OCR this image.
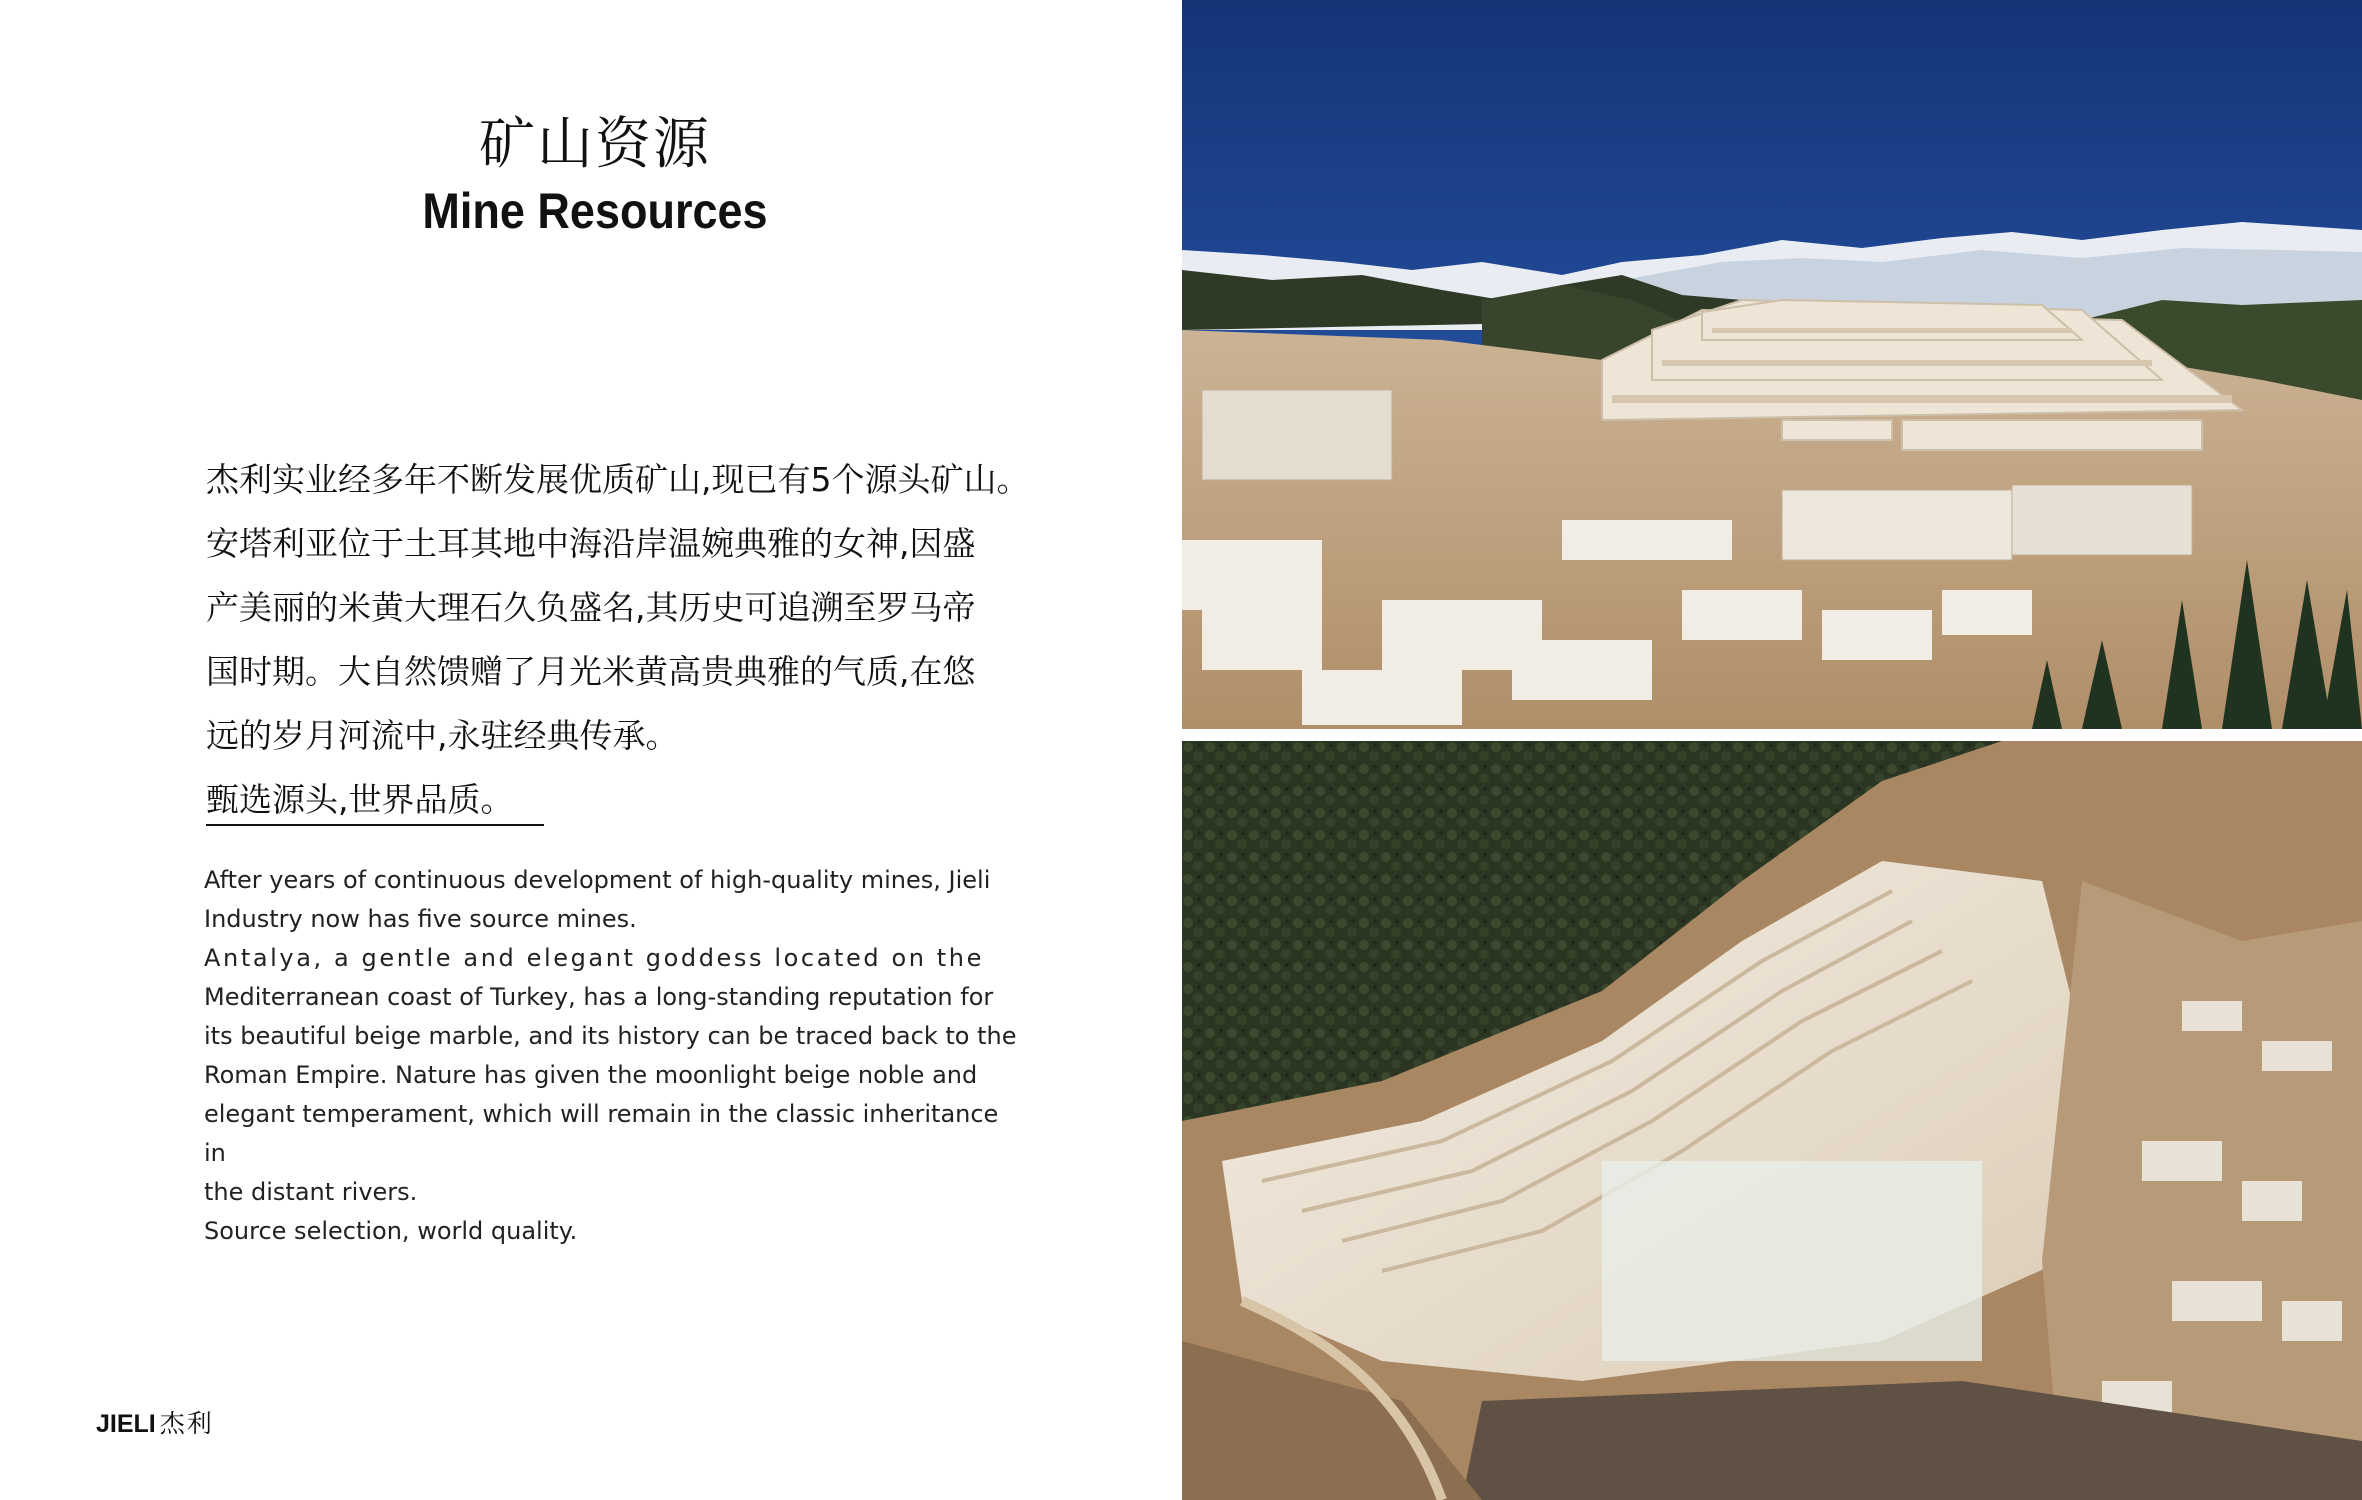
矿山资源
Mine Resources

杰利实业经多年不断发展优质矿山,现已有5个源头矿山。

安塔利亚位于土耳其地中海沿岸温婉典雅的女神,因盛

产美丽的米黄大理石久负盛名,其历史可追溯至罗马帝

国时期。大自然馈赠了月光米黄高贵典雅的气质,在悠

远的岁月河流中,永驻经典传承。

甄选源头,世界品质。

After years of continuous development of high-quality mines, Jieli

Industry now has five source mines.

Antalya, a gentle and elegant goddess located on the

Mediterranean coast of Turkey, has a long-standing reputation for

its beautiful beige marble, and its history can be traced back to the

Roman Empire. Nature has given the moonlight beige noble and

elegant temperament, which will remain in the classic inheritance in

the distant rivers.

Source selection, world quality.

JIELI 杰利
